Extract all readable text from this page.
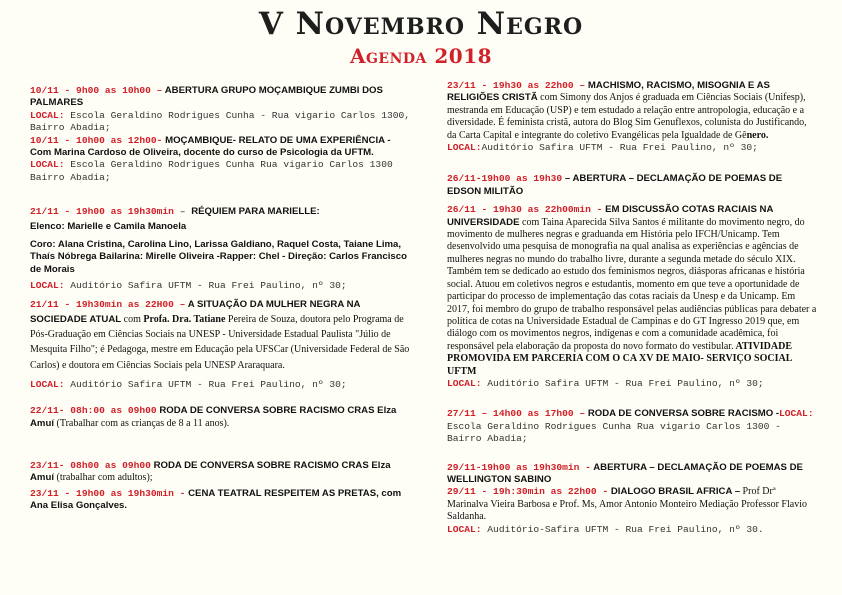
V Novembro Negro
Agenda 2018

10/11 - 9h00 as 10h00 – ABERTURA GRUPO MOÇAMBIQUE ZUMBI DOS PALMARES

LOCAL: Escola Geraldino Rodrigues Cunha - Rua vigario Carlos 1300, Bairro Abadia;

10/11 - 10h00 as 12h00- MOÇAMBIQUE- RELATO DE UMA EXPERIÊNCIA - Com Marina Cardoso de Oliveira, docente do curso de Psicologia da UFTM.

LOCAL: Escola Geraldino Rodrigues Cunha Rua vigario Carlos 1300 Bairro Abadia;

21/11 - 19h00 as 19h30min – RÉQUIEM PARA MARIELLE:

Elenco: Marielle e Camila Manoela

Coro: Alana Cristina, Carolina Lino, Larissa Galdiano, Raquel Costa, Taiane Lima, Thaís Nóbrega Bailarina: Mirelle Oliveira -Rapper: Chel - Direção: Carlos Francisco de Morais

LOCAL: Auditório Safira UFTM - Rua Frei Paulino, nº 30;

21/11 - 19h30min as 22H00 – A SITUAÇÃO DA MULHER NEGRA NA SOCIEDADE ATUAL com Profa. Dra. Tatiane Pereira de Souza, doutora pelo Programa de Pós-Graduação em Ciências Sociais na UNESP - Universidade Estadual Paulista "Júlio de Mesquita Filho"; é Pedagoga, mestre em Educação pela UFSCar (Universidade Federal de São Carlos) e doutora em Ciências Sociais pela UNESP Araraquara.

LOCAL: Auditório Safira UFTM - Rua Frei Paulino, nº 30;

22/11- 08h:00 as 09h00 RODA DE CONVERSA SOBRE RACISMO CRAS Elza Amuí (Trabalhar com as crianças de 8 a 11 anos).

23/11- 08h00 as 09h00 RODA DE CONVERSA SOBRE RACISMO CRAS Elza Amuí (trabalhar com adultos);

23/11 - 19h00 as 19h30min - CENA TEATRAL RESPEITEM AS PRETAS, com Ana Elisa Gonçalves.

23/11 - 19h30 as 22h00 – MACHISMO, RACISMO, MISOGNIA E AS RELIGIÕES CRISTÃ com Simony dos Anjos é graduada em Ciências Sociais (Unifesp), mestranda em Educação (USP) e tem estudado a relação entre antropologia, educação e a diversidade. É feminista cristã, autora do Blog Sim Genuflexos, colunista do Justificando, da Carta Capital e integrante do coletivo Evangélicas pela Igualdade de Gênero.

LOCAL:Auditório Safira UFTM - Rua Frei Paulino, nº 30;

26/11-19h00 as 19h30 – ABERTURA – DECLAMAÇÃO DE POEMAS DE EDSON MILITÃO

26/11 - 19h30 as 22h00min - EM DISCUSSÃO COTAS RACIAIS NA UNIVERSIDADE com Taina Aparecida Silva Santos é militante do movimento negro, do movimento de mulheres negras e graduanda em História pelo IFCH/Unicamp. Tem desenvolvido uma pesquisa de monografia na qual analisa as experiências e agências de mulheres negras no mundo do trabalho livre, durante a segunda metade do século XIX. Também tem se dedicado ao estudo dos feminismos negros, diásporas africanas e história social. Atuou em coletivos negros e estudantis, momento em que teve a oportunidade de participar do processo de implementação das cotas raciais da Unesp e da Unicamp. Em 2017, foi membro do grupo de trabalho responsável pelas audiências públicas para debater a política de cotas na Universidade Estadual de Campinas e do GT Ingresso 2019 que, em diálogo com os movimentos negros, indígenas e com a comunidade acadêmica, foi responsável pela elaboração da proposta do novo formato do vestibular. ATIVIDADE PROMOVIDA EM PARCERIA COM O CA XV DE MAIO- SERVIÇO SOCIAL UFTM

LOCAL: Auditório Safira UFTM - Rua Frei Paulino, nº 30;

27/11 – 14h00 as 17h00 – RODA DE CONVERSA SOBRE RACISMO -LOCAL: Escola Geraldino Rodrigues Cunha Rua vigario Carlos 1300 - Bairro Abadia;

29/11-19h00 as 19h30min - ABERTURA – DECLAMAÇÃO DE POEMAS DE WELLINGTON SABINO

29/11 - 19h:30min as 22h00 - DIALOGO BRASIL AFRICA – Prof Drª Marinalva Vieira Barbosa e Prof. Ms, Amor Antonio Monteiro Mediação Professor Flavio Saldanha.

LOCAL: Auditório-Safira UFTM - Rua Frei Paulino, nº 30.
